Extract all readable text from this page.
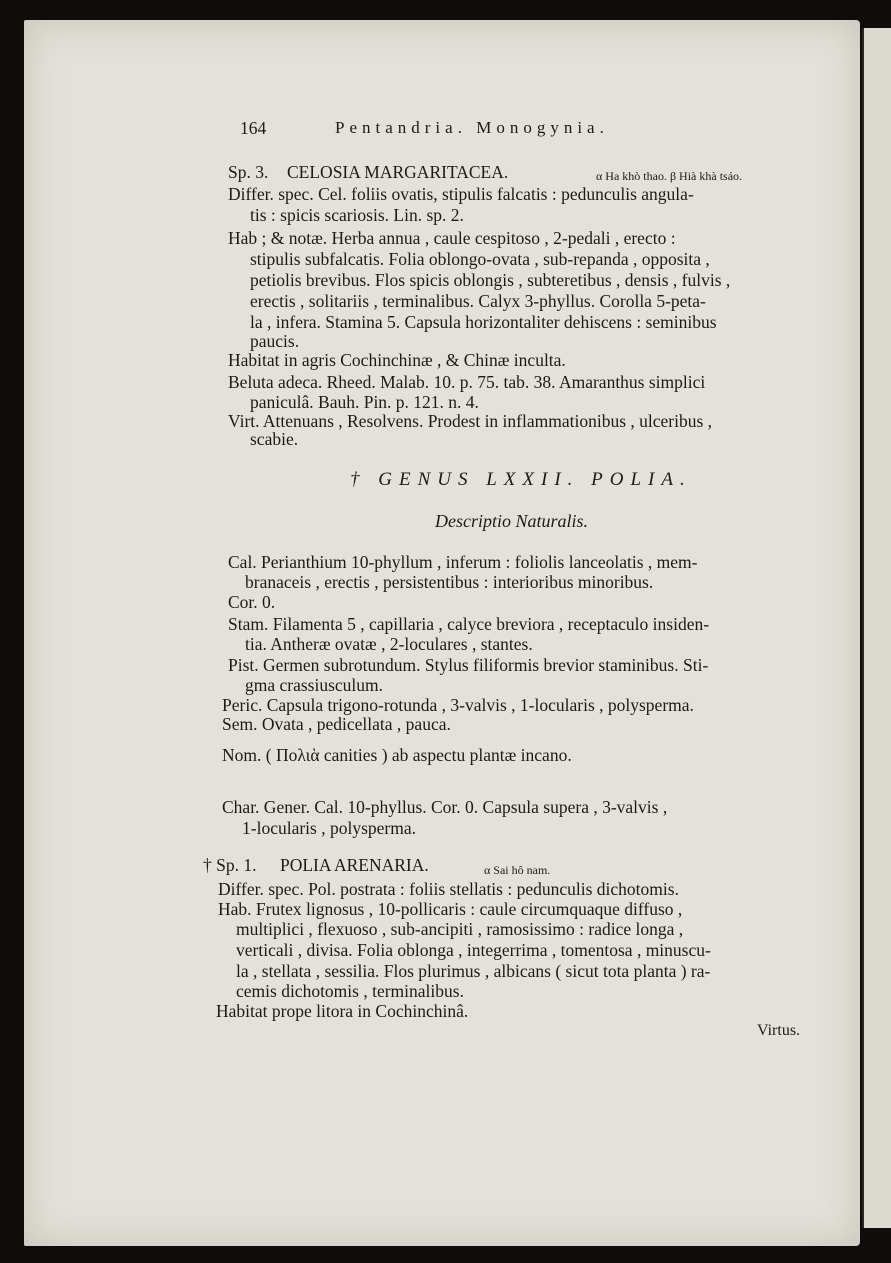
164	Pentandria. Monogynia.
Sp. 3. CELOSIA MARGARITACEA.	α Ha khò thao. β Hià khà tsáo.
Differ. spec. Cel. foliis ovatis, stipulis falcatis : pedunculis angula-
tis : spicis scariosis. Lin. sp. 2.
Hab ; & notæ. Herba annua , caule cespitoso , 2-pedali , erecto :
stipulis subfalcatis. Folia oblongo-ovata , sub-repanda , opposita ,
petiolis brevibus. Flos spicis oblongis , subteretibus , densis , fulvis ,
erectis , solitariis , terminalibus. Calyx 3-phyllus. Corolla 5-peta-
la , infera. Stamina 5. Capsula horizontaliter dehiscens : seminibus
paucis.
Habitat in agris Cochinchinæ , & Chinæ inculta.
Beluta adeca. Rheed. Malab. 10. p. 75. tab. 38. Amaranthus simplici
paniculâ. Bauh. Pin. p. 121. n. 4.
Virt. Attenuans , Resolvens. Prodest in inflammationibus , ulceribus ,
scabie.
† GENUS LXXII. POLIA.
Descriptio Naturalis.
Cal. Perianthium 10-phyllum , inferum : foliolis lanceolatis , mem-
branaceis , erectis , persistentibus : interioribus minoribus.
Cor. 0.
Stam. Filamenta 5 , capillaria , calyce breviora , receptaculo insiden-
tia. Antheræ ovatæ , 2-loculares , stantes.
Pist. Germen subrotundum. Stylus filiformis brevior staminibus. Sti-
gma crassiusculum.
Peric. Capsula trigono-rotunda , 3-valvis , 1-locularis , polysperma.
Sem. Ovata , pedicellata , pauca.
Nom. ( Πολιὰ canities ) ab aspectu plantæ incano.
Char. Gener. Cal. 10-phyllus. Cor. 0. Capsula supera , 3-valvis ,
1-locularis , polysperma.
† Sp. 1. POLIA ARENARIA.	α Sai hô nam.
Differ. spec. Pol. postrata : foliis stellatis : pedunculis dichotomis.
Hab. Frutex lignosus , 10-pollicaris : caule circumquaque diffuso ,
multiplici , flexuoso , sub-ancipiti , ramosissimo : radice longa ,
verticali , divisa. Folia oblonga , integerrima , tomentosa , minuscu-
la , stellata , sessilia. Flos plurimus , albicans ( sicut tota planta ) ra-
cemis dichotomis , terminalibus.
Habitat prope litora in Cochinchinâ.
Virtus.
